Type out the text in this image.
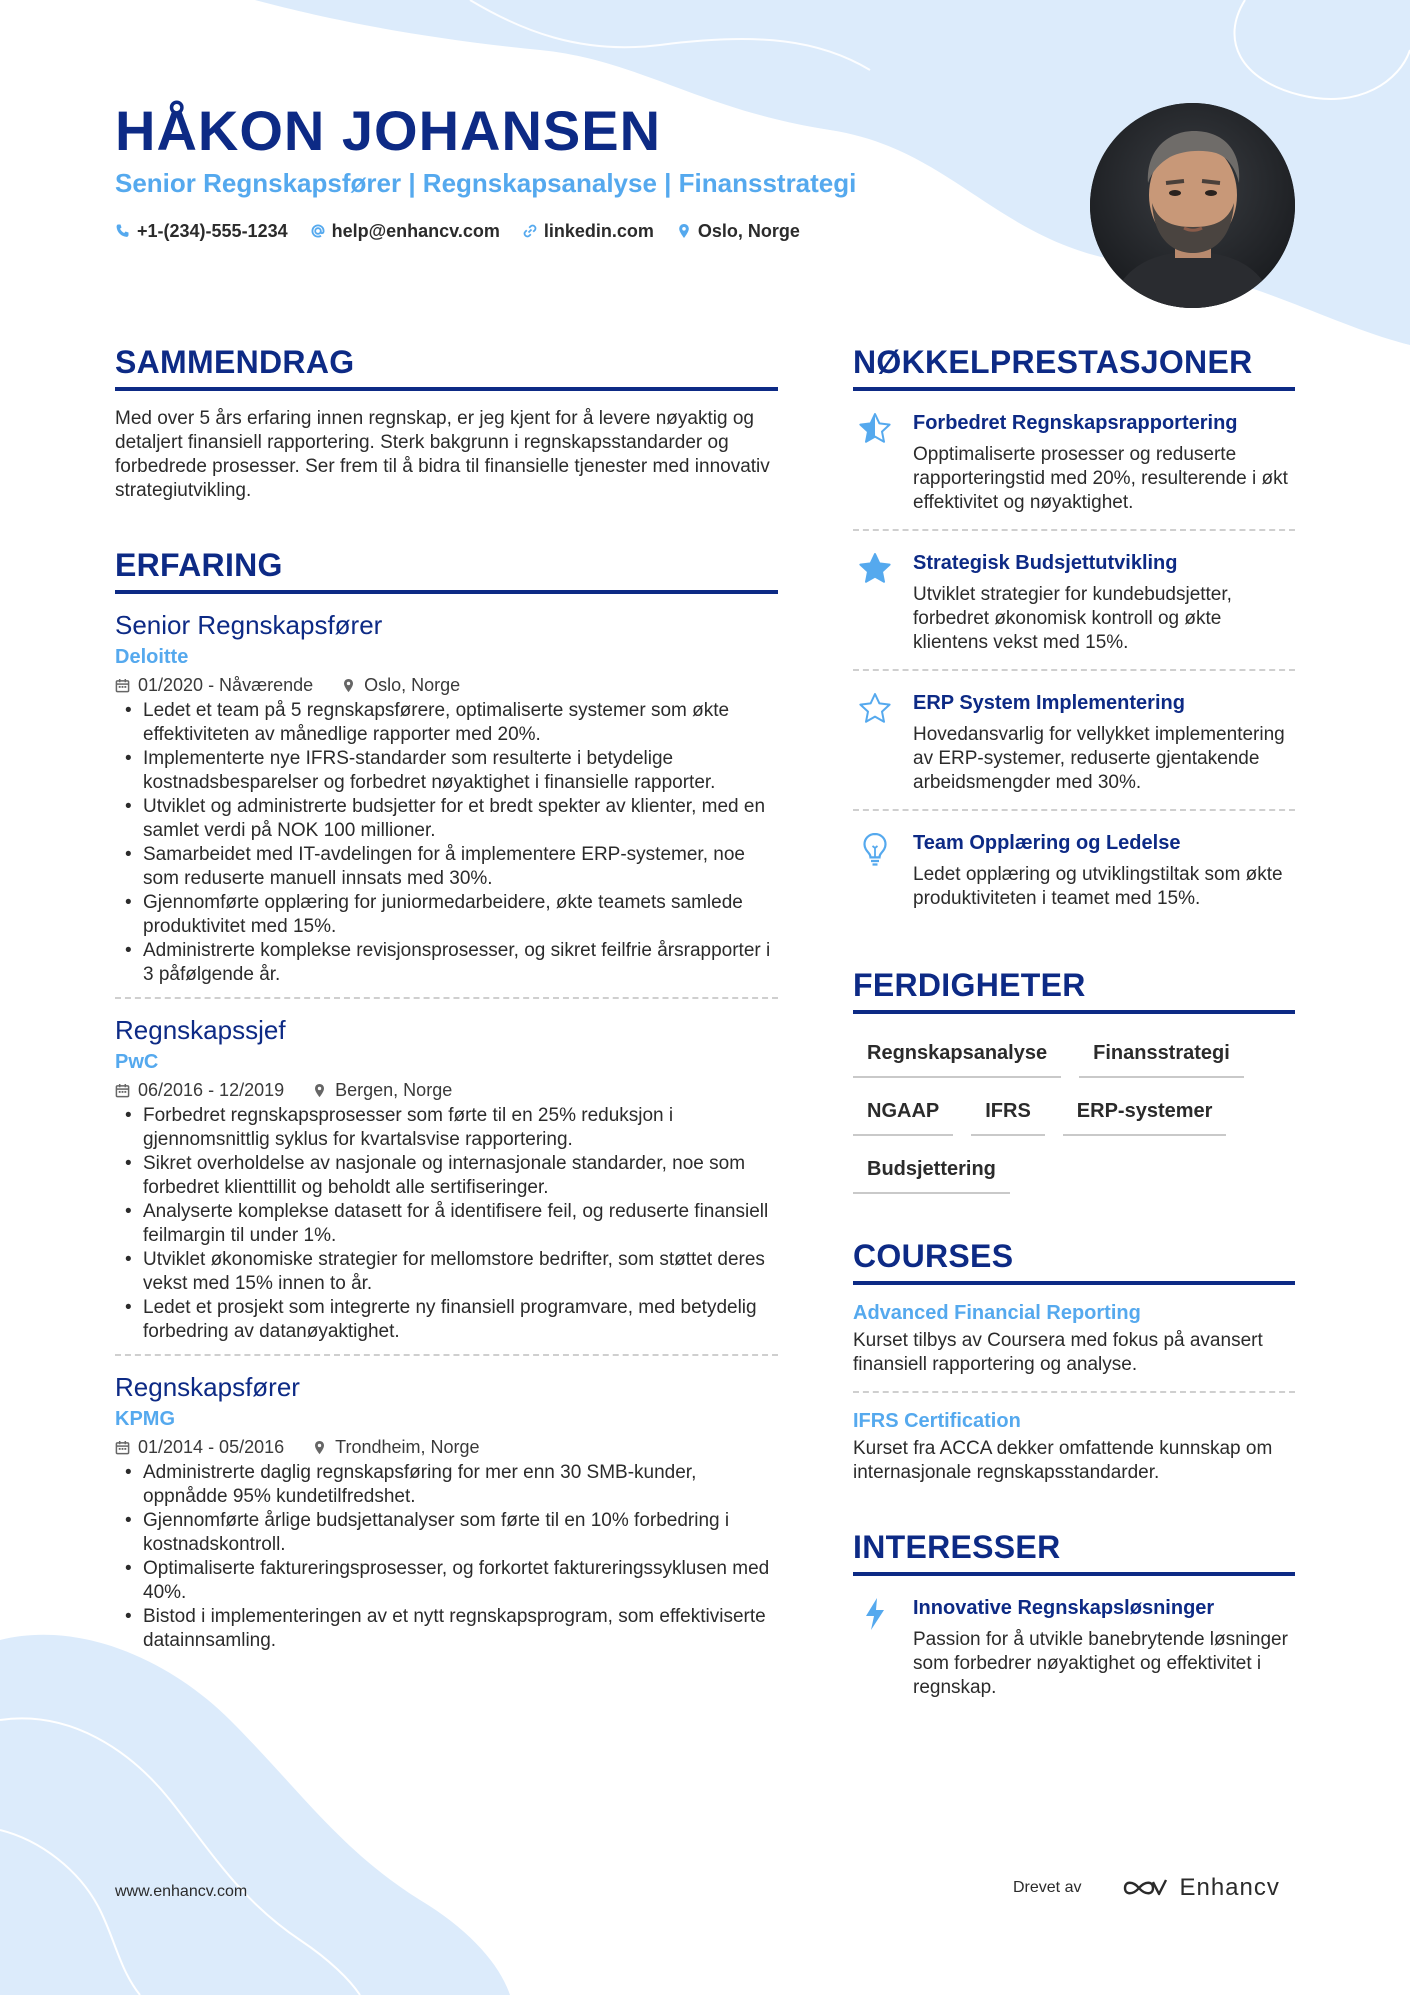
HÅKON JOHANSEN
Senior Regnskapsfører | Regnskapsanalyse | Finansstrategi
+1-(234)-555-1234 help@enhancv.com linkedin.com Oslo, Norge
SAMMENDRAG
Med over 5 års erfaring innen regnskap, er jeg kjent for å levere nøyaktig og detaljert finansiell rapportering. Sterk bakgrunn i regnskapsstandarder og forbedrede prosesser. Ser frem til å bidra til finansielle tjenester med innovativ strategiutvikling.
ERFARING
Senior Regnskapsfører
Deloitte
01/2020 - Nåværende	Oslo, Norge
• Ledet et team på 5 regnskapsførere, optimaliserte systemer som økte effektiviteten av månedlige rapporter med 20%.
• Implementerte nye IFRS-standarder som resulterte i betydelige kostnadsbesparelser og forbedret nøyaktighet i finansielle rapporter.
• Utviklet og administrerte budsjetter for et bredt spekter av klienter, med en samlet verdi på NOK 100 millioner.
• Samarbeidet med IT-avdelingen for å implementere ERP-systemer, noe som reduserte manuell innsats med 30%.
• Gjennomførte opplæring for juniormedarbeidere, økte teamets samlede produktivitet med 15%.
• Administrerte komplekse revisjonsprosesser, og sikret feilfrie årsrapporter i 3 påfølgende år.
Regnskapssjef
PwC
06/2016 - 12/2019	Bergen, Norge
• Forbedret regnskapsprosesser som førte til en 25% reduksjon i gjennomsnittlig syklus for kvartalsvise rapportering.
• Sikret overholdelse av nasjonale og internasjonale standarder, noe som forbedret klienttillit og beholdt alle sertifiseringer.
• Analyserte komplekse datasett for å identifisere feil, og reduserte finansiell feilmargin til under 1%.
• Utviklet økonomiske strategier for mellomstore bedrifter, som støttet deres vekst med 15% innen to år.
• Ledet et prosjekt som integrerte ny finansiell programvare, med betydelig forbedring av datanøyaktighet.
Regnskapsfører
KPMG
01/2014 - 05/2016	Trondheim, Norge
• Administrerte daglig regnskapsføring for mer enn 30 SMB-kunder, oppnådde 95% kundetilfredshet.
• Gjennomførte årlige budsjettanalyser som førte til en 10% forbedring i kostnadskontroll.
• Optimaliserte faktureringsprosesser, og forkortet faktureringssyklusen med 40%.
• Bistod i implementeringen av et nytt regnskapsprogram, som effektiviserte datainnsamling.
NØKKELPRESTASJONER
Forbedret Regnskapsrapportering
Opptimaliserte prosesser og reduserte rapporteringstid med 20%, resulterende i økt effektivitet og nøyaktighet.
Strategisk Budsjettutvikling
Utviklet strategier for kundebudsjetter, forbedret økonomisk kontroll og økte klientens vekst med 15%.
ERP System Implementering
Hovedansvarlig for vellykket implementering av ERP-systemer, reduserte gjentakende arbeidsmengder med 30%.
Team Opplæring og Ledelse
Ledet opplæring og utviklingstiltak som økte produktiviteten i teamet med 15%.
FERDIGHETER
Regnskapsanalyse	Finansstrategi
NGAAP	IFRS	ERP-systemer
Budsjettering
COURSES
Advanced Financial Reporting
Kurset tilbys av Coursera med fokus på avansert finansiell rapportering og analyse.
IFRS Certification
Kurset fra ACCA dekker omfattende kunnskap om internasjonale regnskapsstandarder.
INTERESSER
Innovative Regnskapsløsninger
Passion for å utvikle banebrytende løsninger som forbedrer nøyaktighet og effektivitet i regnskap.
www.enhancv.com	Drevet av	Enhancv
